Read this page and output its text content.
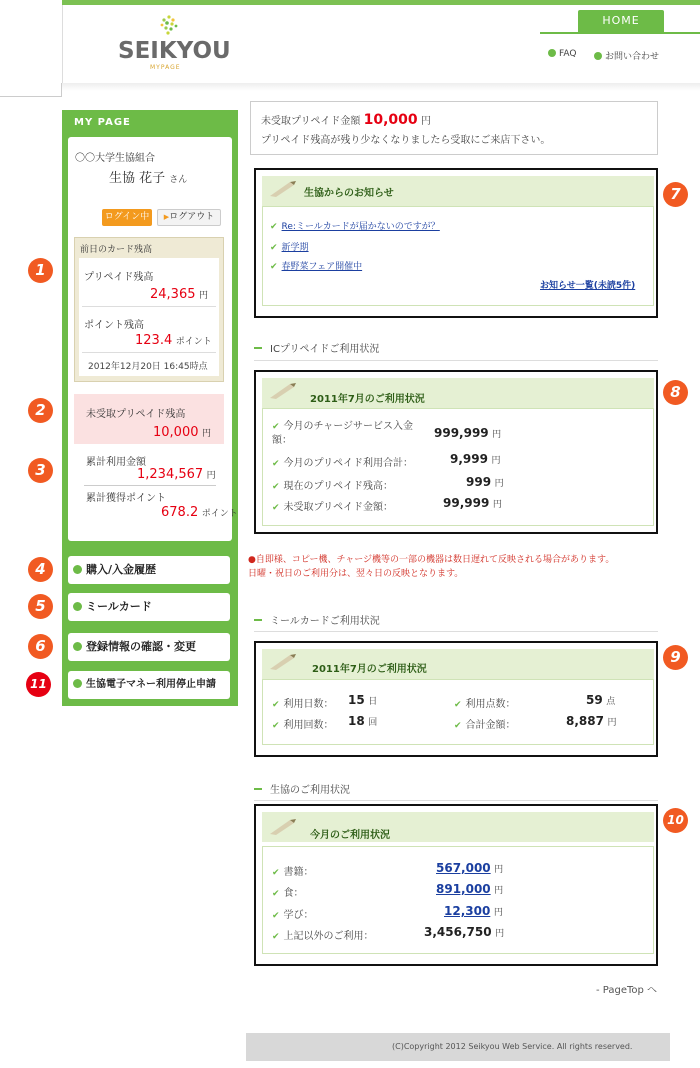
HOME
SEIKYOU
MYPAGE
FAQ	お問い合わせ
MY PAGE
〇〇大学生協組合
生協 花子 さん
ログイン中	▶ログアウト
前日のカード残高
プリペイド残高
24,365 円
ポイント残高
123.4 ポイント
2012年12月20日 16:45時点
未受取プリペイド残高
10,000 円
累計利用金額
1,234,567 円
累計獲得ポイント
678.2 ポイント
購入/入金履歴
ミールカード
登録情報の確認・変更
生協電子マネー利用停止申請
1
2
3
4
5
6
7
8
9
10
11
未受取プリペイド金額 10,000 円
プリペイド残高が残り少なくなりましたら受取にご来店下さい。
生協からのお知らせ
✔ Re:ミールカードが届かないのですが？
✔ 新学期
✔ 春野菜フェア開催中
お知らせ一覧(未読5件)
ICプリペイドご利用状況
2011年7月のご利用状況
✔ 今月のチャージサービス入金額：
999,999 円
✔ 今月のプリペイド利用合計：	9,999 円
✔ 現在のプリペイド残高：	999 円
✔ 未受取プリペイド金額：	99,999 円
●自即様、コピー機、チャージ機等の一部の機器は数日遅れて反映される場合があります。
日曜・祝日のご利用分は、翌々日の反映となります。
ミールカードご利用状況
2011年7月のご利用状況
✔ 利用日数： 15 日
✔ 利用回数： 18 回
✔ 利用点数：	59 点
✔ 合計金額：	8,887 円
生協のご利用状況
今月のご利用状況
✔ 書籍：	567,000 円
✔ 食：	891,000 円
✔ 学び：	12,300 円
✔ 上記以外のご利用：	3,456,750 円
- PageTop へ
(C)Copyright 2012 Seikyou Web Service. All rights reserved.
